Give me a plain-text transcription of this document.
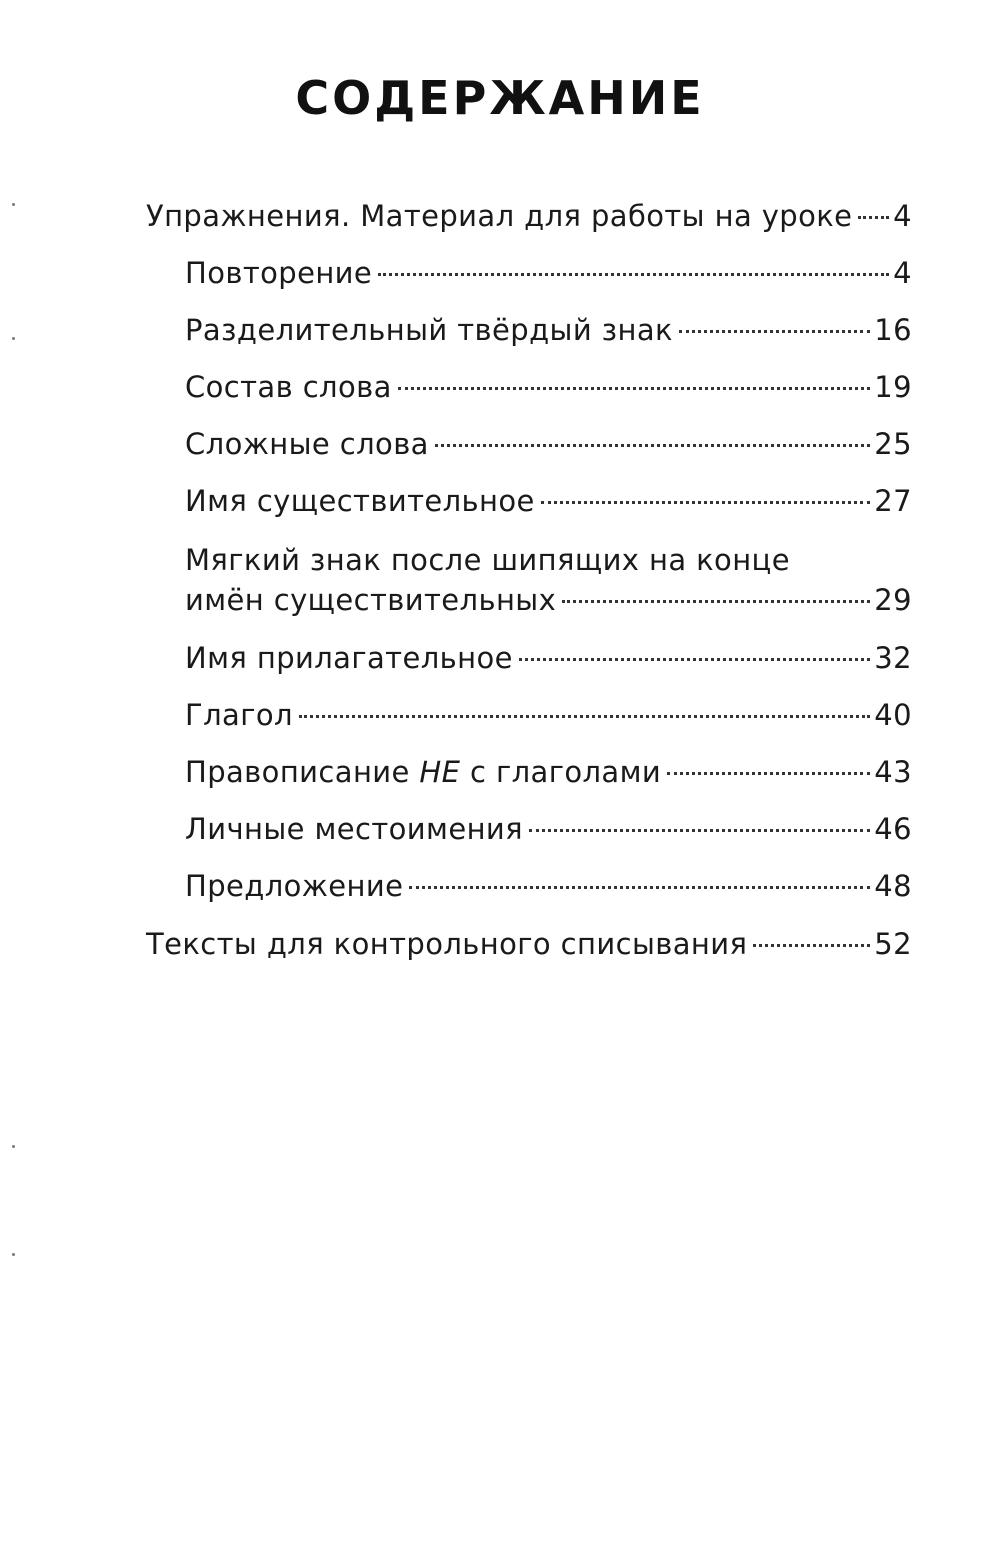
СОДЕРЖАНИЕ
Упражнения. Материал для работы на уроке 4
Повторение	4
Разделительный твёрдый знак	16
Состав слова	19
Сложные слова	25
Имя существительное	27
Мягкий знак после шипящих на конце
имён существительных	29
Имя прилагательное	32
Глагол	40
Правописание НЕ с глаголами	43
Личные местоимения	46
Предложение	48
Тексты для контрольного списывания	52
